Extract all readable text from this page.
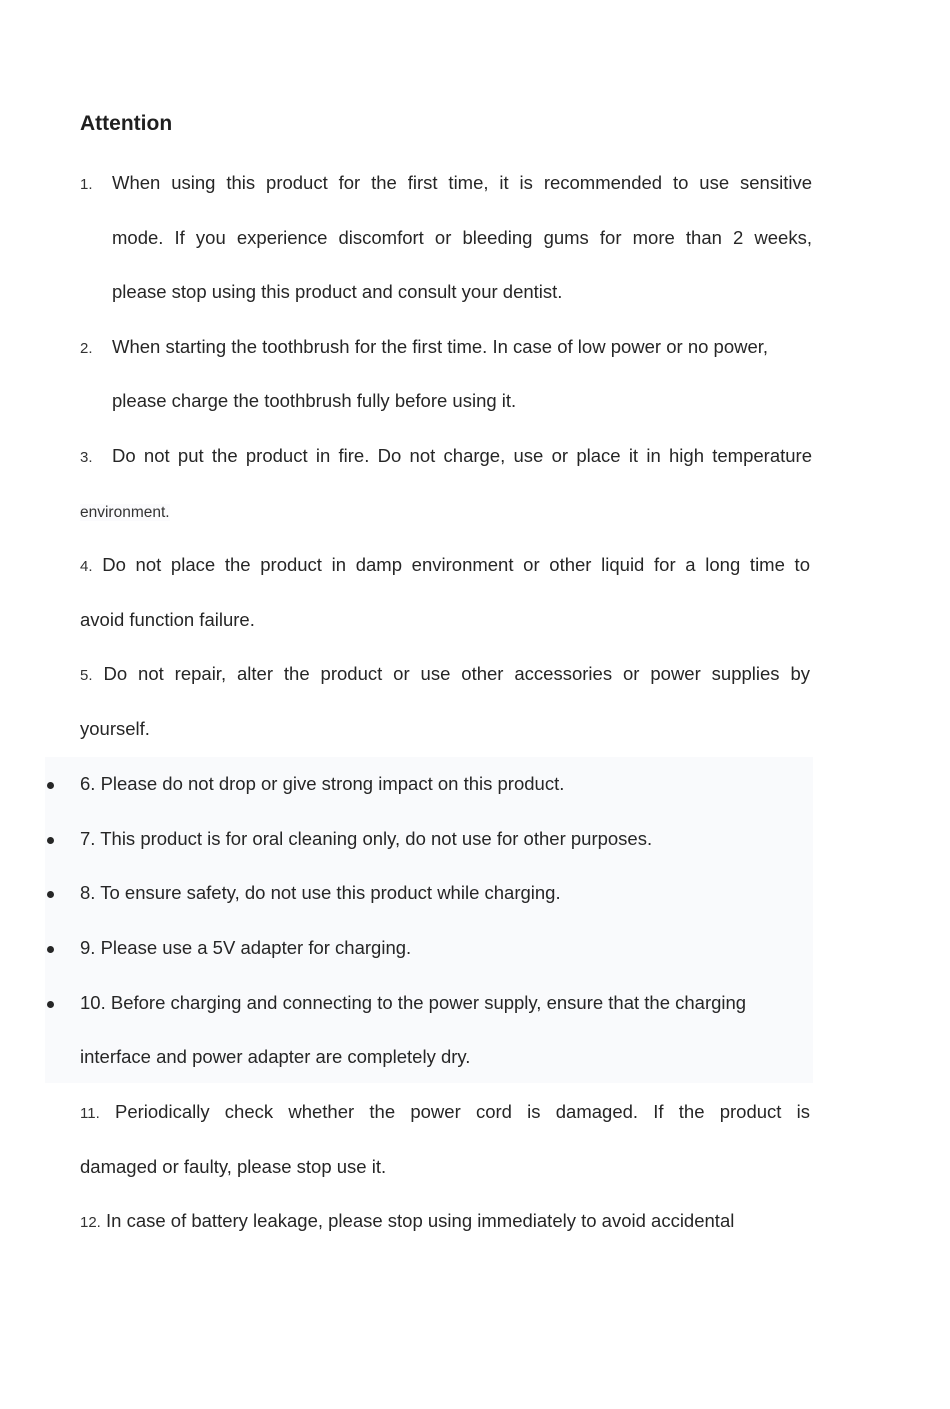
Attention
1. When using this product for the first time, it is recommended to use sensitive
mode. If you experience discomfort or bleeding gums for more than 2 weeks,
please stop using this product and consult your dentist.
2. When starting the toothbrush for the first time. In case of low power or no power,
please charge the toothbrush fully before using it.
3. Do not put the product in fire. Do not charge, use or place it in high temperature
environment.
4. Do not place the product in damp environment or other liquid for a long time to
avoid function failure.
5. Do not repair, alter the product or use other accessories or power supplies by
yourself.
6. Please do not drop or give strong impact on this product.
7. This product is for oral cleaning only, do not use for other purposes.
8. To ensure safety, do not use this product while charging.
9. Please use a 5V adapter for charging.
10. Before charging and connecting to the power supply, ensure that the charging
interface and power adapter are completely dry.
11. Periodically check whether the power cord is damaged. If the product is
damaged or faulty, please stop use it.
12. In case of battery leakage, please stop using immediately to avoid accidental
